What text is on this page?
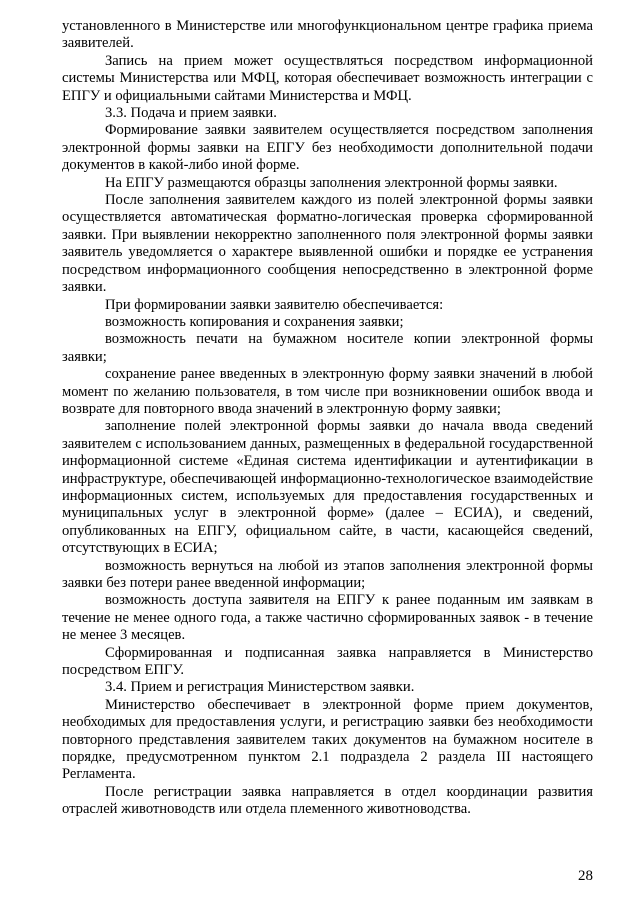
установленного в Министерстве или многофункциональном центре графика приема заявителей.

Запись на прием может осуществляться посредством информационной системы Министерства или МФЦ, которая обеспечивает возможность интеграции с ЕПГУ и официальными сайтами Министерства и МФЦ.

3.3. Подача и прием заявки.

Формирование заявки заявителем осуществляется посредством заполнения электронной формы заявки на ЕПГУ без необходимости дополнительной подачи документов в какой-либо иной форме.

На ЕПГУ размещаются образцы заполнения электронной формы заявки.

После заполнения заявителем каждого из полей электронной формы заявки осуществляется автоматическая форматно-логическая проверка сформированной заявки. При выявлении некорректно заполненного поля электронной формы заявки заявитель уведомляется о характере выявленной ошибки и порядке ее устранения посредством информационного сообщения непосредственно в электронной форме заявки.

При формировании заявки заявителю обеспечивается:

возможность копирования и сохранения заявки;

возможность печати на бумажном носителе копии электронной формы заявки;

сохранение ранее введенных в электронную форму заявки значений в любой момент по желанию пользователя, в том числе при возникновении ошибок ввода и возврате для повторного ввода значений в электронную форму заявки;

заполнение полей электронной формы заявки до начала ввода сведений заявителем с использованием данных, размещенных в федеральной государственной информационной системе «Единая система идентификации и аутентификации в инфраструктуре, обеспечивающей информационно-технологическое взаимодействие информационных систем, используемых для предоставления государственных и муниципальных услуг в электронной форме» (далее – ЕСИА), и сведений, опубликованных на ЕПГУ, официальном сайте, в части, касающейся сведений, отсутствующих в ЕСИА;

возможность вернуться на любой из этапов заполнения электронной формы заявки без потери ранее введенной информации;

возможность доступа заявителя на ЕПГУ к ранее поданным им заявкам в течение не менее одного года, а также частично сформированных заявок - в течение не менее 3 месяцев.

Сформированная и подписанная заявка направляется в Министерство посредством ЕПГУ.

3.4. Прием и регистрация Министерством заявки.

Министерство обеспечивает в электронной форме прием документов, необходимых для предоставления услуги, и регистрацию заявки без необходимости повторного представления заявителем таких документов на бумажном носителе в порядке, предусмотренном пунктом 2.1 подраздела 2 раздела III настоящего Регламента.

После регистрации заявка направляется в отдел координации развития отраслей животноводств или отдела племенного животноводства.

28
